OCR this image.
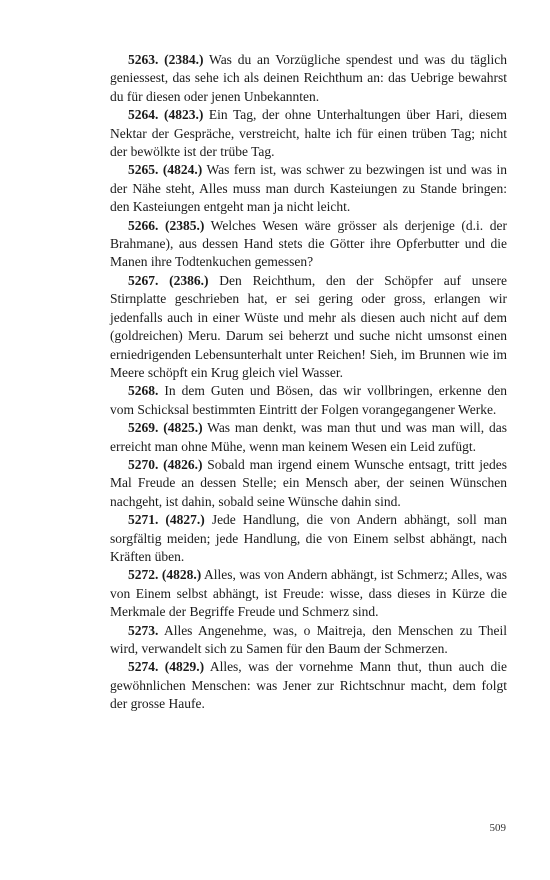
5263. (2384.) Was du an Vorzügliche spendest und was du täglich geniessest, das sehe ich als deinen Reichthum an: das Uebrige bewahrst du für diesen oder jenen Unbekannten.

5264. (4823.) Ein Tag, der ohne Unterhaltungen über Hari, diesem Nektar der Gespräche, verstreicht, halte ich für einen trüben Tag; nicht der bewölkte ist der trübe Tag.

5265. (4824.) Was fern ist, was schwer zu bezwingen ist und was in der Nähe steht, Alles muss man durch Kasteiungen zu Stande bringen: den Kasteiungen entgeht man ja nicht leicht.

5266. (2385.) Welches Wesen wäre grösser als derjenige (d.i. der Brahmane), aus dessen Hand stets die Götter ihre Opferbutter und die Manen ihre Todtenkuchen gemessen?

5267. (2386.) Den Reichthum, den der Schöpfer auf unsere Stirnplatte geschrieben hat, er sei gering oder gross, erlangen wir jedenfalls auch in einer Wüste und mehr als diesen auch nicht auf dem (goldreichen) Meru. Darum sei beherzt und suche nicht umsonst einen erniedrigenden Lebensunterhalt unter Reichen! Sieh, im Brunnen wie im Meere schöpft ein Krug gleich viel Wasser.

5268. In dem Guten und Bösen, das wir vollbringen, erkenne den vom Schicksal bestimmten Eintritt der Folgen vorangegangener Werke.

5269. (4825.) Was man denkt, was man thut und was man will, das erreicht man ohne Mühe, wenn man keinem Wesen ein Leid zufügt.

5270. (4826.) Sobald man irgend einem Wunsche entsagt, tritt jedes Mal Freude an dessen Stelle; ein Mensch aber, der seinen Wünschen nachgeht, ist dahin, sobald seine Wünsche dahin sind.

5271. (4827.) Jede Handlung, die von Andern abhängt, soll man sorgfältig meiden; jede Handlung, die von Einem selbst abhängt, nach Kräften üben.

5272. (4828.) Alles, was von Andern abhängt, ist Schmerz; Alles, was von Einem selbst abhängt, ist Freude: wisse, dass dieses in Kürze die Merkmale der Begriffe Freude und Schmerz sind.

5273. Alles Angenehme, was, o Maitreja, den Menschen zu Theil wird, verwandelt sich zu Samen für den Baum der Schmerzen.

5274. (4829.) Alles, was der vornehme Mann thut, thun auch die gewöhnlichen Menschen: was Jener zur Richtschnur macht, dem folgt der grosse Haufe.

509
